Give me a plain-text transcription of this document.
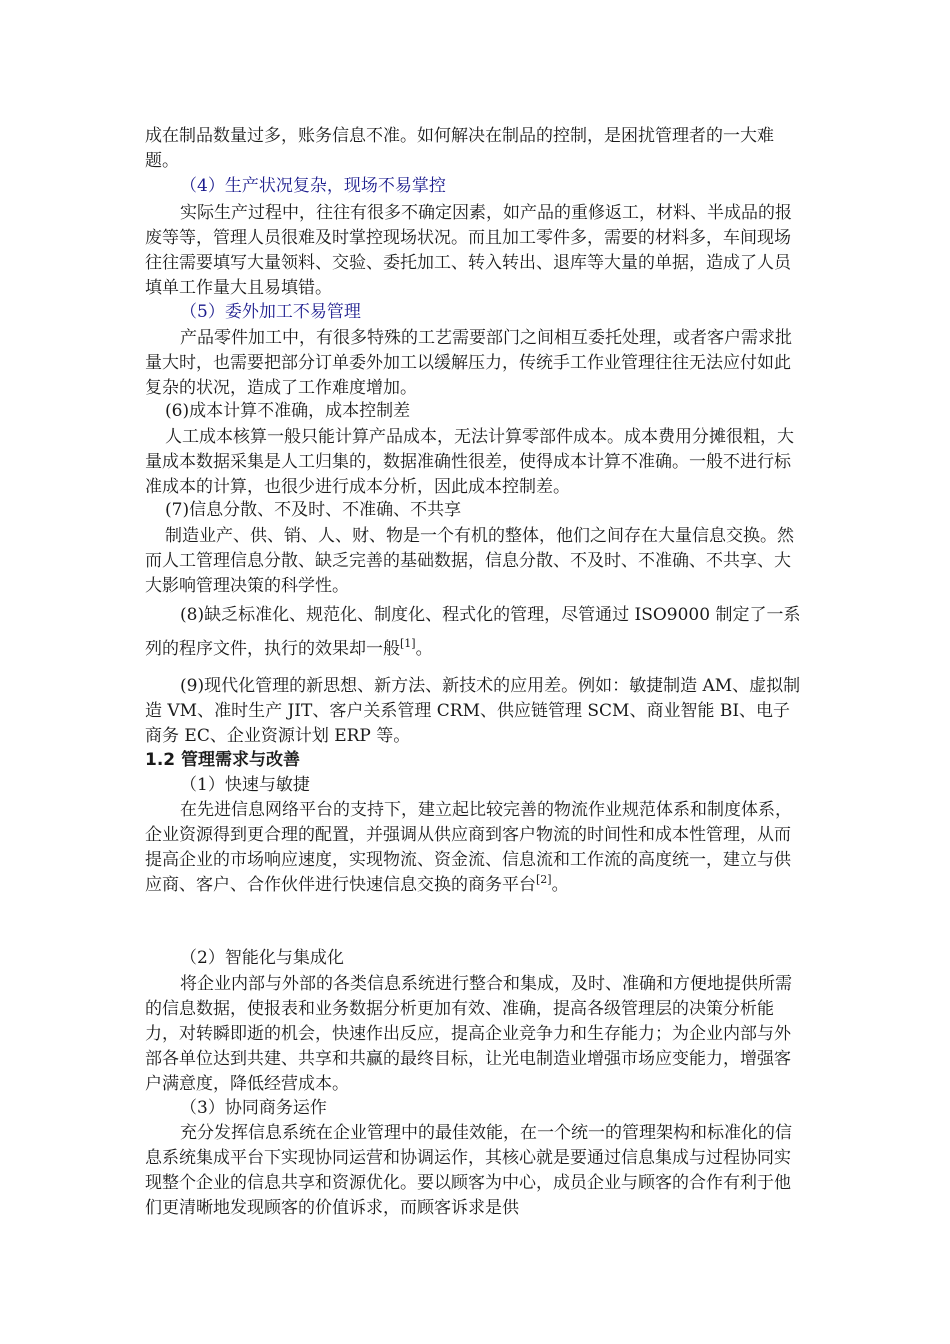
成在制品数量过多，账务信息不准。如何解决在制品的控制，是困扰管理者的一大难题。

（4）生产状况复杂，现场不易掌控

实际生产过程中，往往有很多不确定因素，如产品的重修返工，材料、半成品的报废等等，管理人员很难及时掌控现场状况。而且加工零件多，需要的材料多，车间现场往往需要填写大量领料、交验、委托加工、转入转出、退库等大量的单据，造成了人员填单工作量大且易填错。

（5）委外加工不易管理

产品零件加工中，有很多特殊的工艺需要部门之间相互委托处理，或者客户需求批量大时，也需要把部分订单委外加工以缓解压力，传统手工作业管理往往无法应付如此复杂的状况，造成了工作难度增加。

(6)成本计算不准确，成本控制差

人工成本核算一般只能计算产品成本，无法计算零部件成本。成本费用分摊很粗，大量成本数据采集是人工归集的，数据准确性很差，使得成本计算不准确。一般不进行标准成本的计算，也很少进行成本分析，因此成本控制差。

(7)信息分散、不及时、不准确、不共享

制造业产、供、销、人、财、物是一个有机的整体，他们之间存在大量信息交换。然而人工管理信息分散、缺乏完善的基础数据，信息分散、不及时、不准确、不共享、大大影响管理决策的科学性。

(8)缺乏标准化、规范化、制度化、程式化的管理，尽管通过 ISO9000 制定了一系列的程序文件，执行的效果却一般[1]。

(9)现代化管理的新思想、新方法、新技术的应用差。例如：敏捷制造 AM、虚拟制造 VM、准时生产 JIT、客户关系管理 CRM、供应链管理 SCM、商业智能 BI、电子商务 EC、企业资源计划 ERP 等。

1.2 管理需求与改善

（1）快速与敏捷

在先进信息网络平台的支持下，建立起比较完善的物流作业规范体系和制度体系，企业资源得到更合理的配置，并强调从供应商到客户物流的时间性和成本性管理，从而提高企业的市场响应速度，实现物流、资金流、信息流和工作流的高度统一，建立与供应商、客户、合作伙伴进行快速信息交换的商务平台[2]。

（2）智能化与集成化

将企业内部与外部的各类信息系统进行整合和集成，及时、准确和方便地提供所需的信息数据，使报表和业务数据分析更加有效、准确，提高各级管理层的决策分析能力，对转瞬即逝的机会，快速作出反应，提高企业竞争力和生存能力；为企业内部与外部各单位达到共建、共享和共赢的最终目标，让光电制造业增强市场应变能力，增强客户满意度，降低经营成本。

（3）协同商务运作

充分发挥信息系统在企业管理中的最佳效能，在一个统一的管理架构和标准化的信息系统集成平台下实现协同运营和协调运作，其核心就是要通过信息集成与过程协同实现整个企业的信息共享和资源优化。要以顾客为中心，成员企业与顾客的合作有利于他们更清晰地发现顾客的价值诉求，而顾客诉求是供
